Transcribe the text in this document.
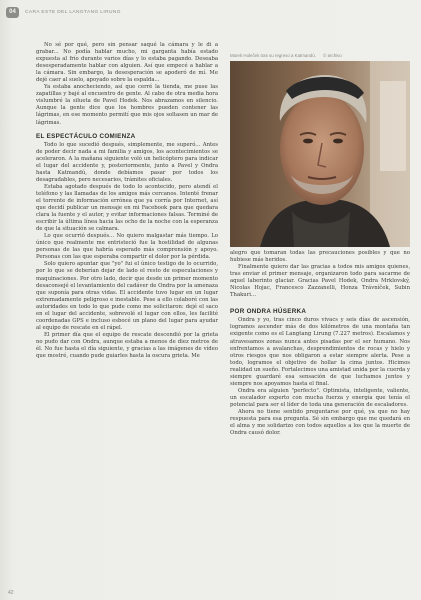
04	CARA ESTE DEL LANGTANG LIRUNG

No sé por qué, pero sin pensar saqué la cámara y le di a grabar... No podía hablar mucho, mi garganta había estado expuesta al frío durante varios días y lo estaba pagando. Deseaba desesperadamente hablar con alguien. Así que empecé a hablar a la cámara. Sin embargo, la desesperación se apoderó de mí. Me dejé caer al suelo, apoyado sobre la espalda...

Ya estaba anocheciendo, así que cerré la tienda, me puse las zapatillas y bajé al encuentro de gente. Al cabo de otra media hora vislumbré la silueta de Pavel Hodek. Nos abrazamos en silencio. Aunque la gente dice que los hombres pueden contener las lágrimas, en ese momento permití que mis ojos soltasen un mar de lágrimas.

EL ESPECTÁCULO COMIENZA

Todo lo que sucedió después, simplemente, me superó... Antes de poder decir nada a mi familia y amigos, los acontecimientos se aceleraron. A la mañana siguiente voló un helicóptero para indicar el lugar del accidente y, posteriormente, junto a Pavel y Ondra hasta Katmandú, donde debíamos pasar por todos los desagradables, pero necesarios, trámites oficiales.

Estaba agotado después de todo lo acontecido, pero atendí el teléfono y las llamadas de los amigos más cercanos. Intenté frenar el torrente de información errónea que ya corría por Internet, así que decidí publicar un mensaje en mi Facebook para que quedara clara la fuente y el autor, y evitar informaciones falsas. Terminé de escribir la última línea hacia las ocho de la noche con la esperanza de que la situación se calmara.

Lo que ocurrió después... No quiero malgastar más tiempo. Lo único que realmente me entristeció fue la hostilidad de algunas personas de las que habría esperado más comprensión y apoyo. Personas con las que esperaba compartir el dolor por la pérdida.

Solo quiero apuntar que "yo" fui el único testigo de lo ocurrido, por lo que se deberían dejar de lado el resto de especulaciones y maquinaciones. Por otro lado, decir que desde un primer momento desaconsejé el levantamiento del cadáver de Ondra por la amenaza que suponía para otras vidas. El accidente tuvo lugar en un lugar extremadamente peligroso e inestable. Pese a ello colaboré con las autoridades en todo lo que pude como me solicitaron: dejé el saco en el lugar del accidente, sobrevolé el lugar con ellos, les facilité coordenadas GPS e incluso esbocé un plano del lugar para ayudar al equipo de rescate en el rápel.

El primer día que el equipo de rescate descendió por la grieta no pudo dar con Ondra, aunque estaba a menos de diez metros de él. No fue hasta el día siguiente, y gracias a las imágenes de vídeo que mostré, cuando pude guiarles hasta la oscura grieta. Me

Marek Holeček tras su regreso a Katmandú. © archivo

alegro que tomaran todas las precauciones posibles y que no hubiese más heridos.

Finalmente quiero dar las gracias a todos mis amigos quienes, tras enviar el primer mensaje, organizaron todo para sacarme de aquel laberinto glaciar. Gracias Pavel Hodek, Ondra Mrklovský, Nicolas Hojac, Francesco Zazzanelli, Honza Trávníček, Subin Thakuri...

POR ONDRA HÚSERKA

Ondra y yo, tras cinco duros vivacs y seis días de ascensión, logramos ascender más de dos kilómetros de una montaña tan exigente como es el Langtang Lirung (7.227 metros). Escalamos y atravesamos zonas nunca antes pisadas por el ser humano. Nos enfrentamos a avalanchas, desprendimientos de rocas y hielo y otros riesgos que nos obligaron a estar siempre alerta. Pese a todo, logramos el objetivo de hollar la cima juntos. Hicimos realidad un sueño. Fortalecimos una amistad unida por la cuerda y siempre guardaré esa sensación de que luchamos juntos y siempre nos apoyamos hasta el final.

Ondra era alguien "perfecto". Optimista, inteligente, valiente, un escalador experto con mucha fuerza y energía que tenía el potencial para ser el líder de toda una generación de escaladores.

Ahora no tiene sentido preguntarse por qué, ya que no hay respuesta para esa pregunta. Sé sin embargo que me quedará en el alma y me solidarizo con todos aquellos a los que la muerte de Ondra causó dolor.

42
